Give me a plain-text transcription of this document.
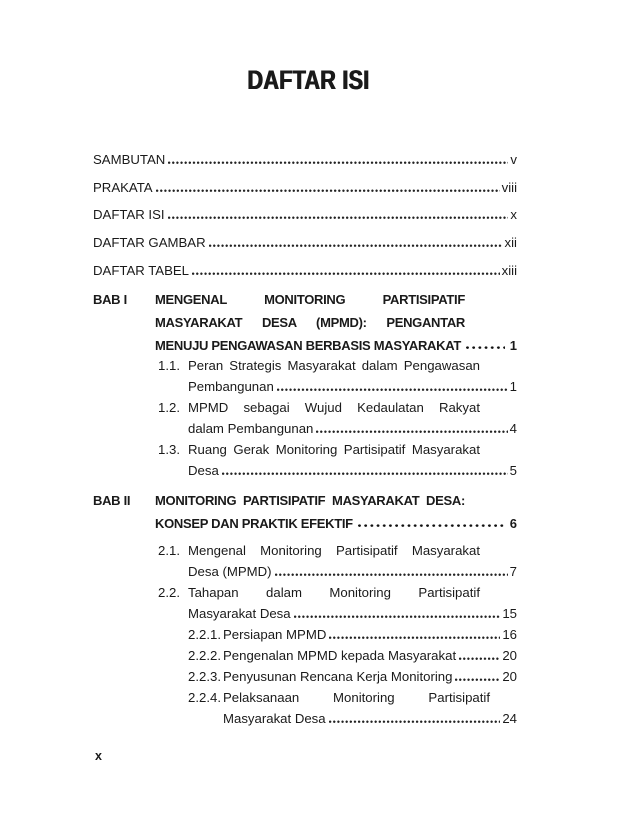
DAFTAR ISI
SAMBUTAN	v
PRAKATA	viii
DAFTAR ISI	x
DAFTAR GAMBAR	xii
DAFTAR TABEL	xiii
BAB I	MENGENAL MONITORING PARTISIPATIF
MASYARAKAT DESA (MPMD): PENGANTAR
MENUJU PENGAWASAN BERBASIS MASYARAKAT	1
1.1. Peran Strategis Masyarakat dalam Pengawasan
Pembangunan	1
1.2. MPMD sebagai Wujud Kedaulatan Rakyat
dalam Pembangunan	4
1.3. Ruang Gerak Monitoring Partisipatif Masyarakat
Desa	5
BAB II	MONITORING PARTISIPATIF MASYARAKAT DESA:
KONSEP DAN PRAKTIK EFEKTIF	6
2.1. Mengenal Monitoring Partisipatif Masyarakat
Desa (MPMD)	7
2.2. Tahapan dalam Monitoring Partisipatif
Masyarakat Desa	15
2.2.1. Persiapan MPMD	16
2.2.2. Pengenalan MPMD kepada Masyarakat	20
2.2.3. Penyusunan Rencana Kerja Monitoring	20
2.2.4. Pelaksanaan Monitoring Partisipatif
Masyarakat Desa	24
x
